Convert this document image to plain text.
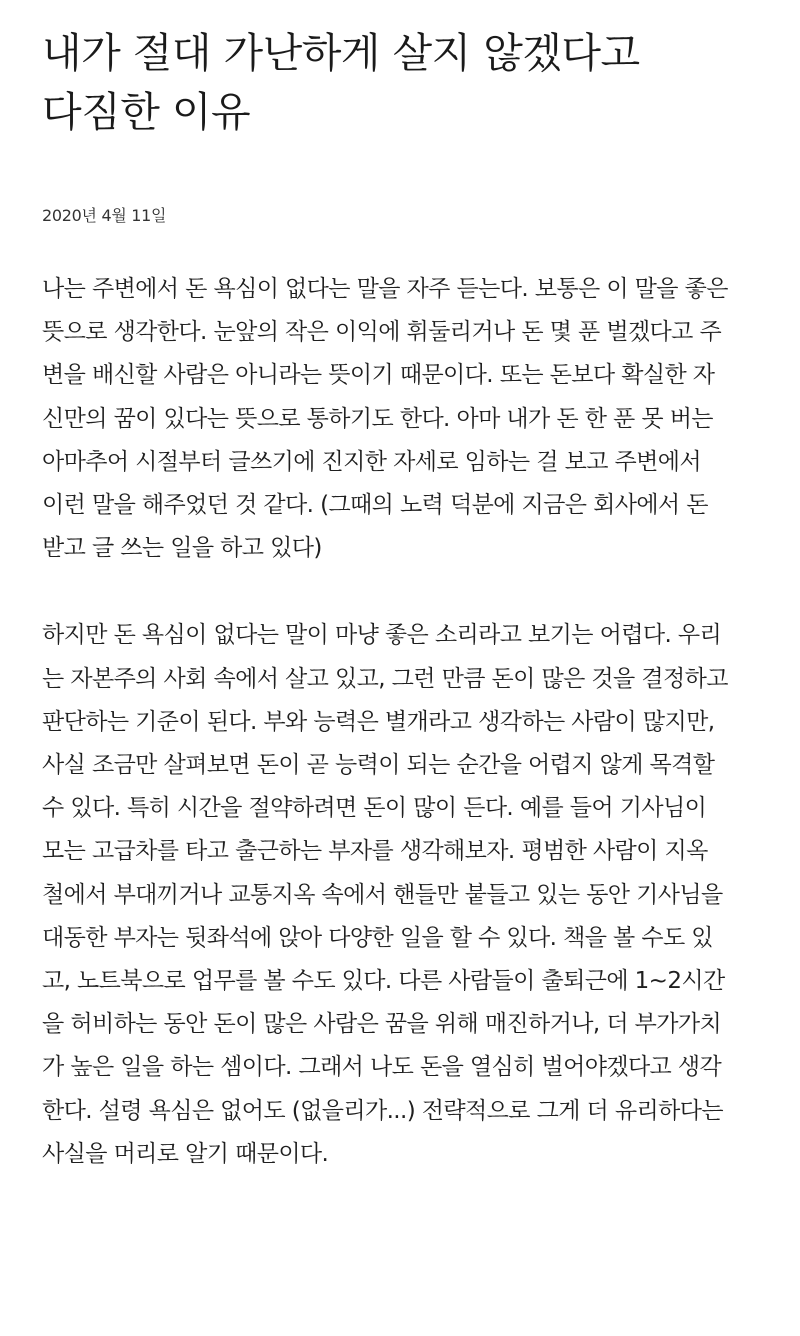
내가 절대 가난하게 살지 않겠다고 다짐한 이유
2020년 4월 11일

나는 주변에서 돈 욕심이 없다는 말을 자주 듣는다. 보통은 이 말을 좋은
뜻으로 생각한다. 눈앞의 작은 이익에 휘둘리거나 돈 몇 푼 벌겠다고 주
변을 배신할 사람은 아니라는 뜻이기 때문이다. 또는 돈보다 확실한 자
신만의 꿈이 있다는 뜻으로 통하기도 한다. 아마 내가 돈 한 푼 못 버는
아마추어 시절부터 글쓰기에 진지한 자세로 임하는 걸 보고 주변에서
이런 말을 해주었던 것 같다. (그때의 노력 덕분에 지금은 회사에서 돈
받고 글 쓰는 일을 하고 있다)

하지만 돈 욕심이 없다는 말이 마냥 좋은 소리라고 보기는 어렵다. 우리
는 자본주의 사회 속에서 살고 있고, 그런 만큼 돈이 많은 것을 결정하고
판단하는 기준이 된다. 부와 능력은 별개라고 생각하는 사람이 많지만,
사실 조금만 살펴보면 돈이 곧 능력이 되는 순간을 어렵지 않게 목격할
수 있다. 특히 시간을 절약하려면 돈이 많이 든다. 예를 들어 기사님이
모는 고급차를 타고 출근하는 부자를 생각해보자. 평범한 사람이 지옥
철에서 부대끼거나 교통지옥 속에서 핸들만 붙들고 있는 동안 기사님을
대동한 부자는 뒷좌석에 앉아 다양한 일을 할 수 있다. 책을 볼 수도 있
고, 노트북으로 업무를 볼 수도 있다. 다른 사람들이 출퇴근에 1~2시간
을 허비하는 동안 돈이 많은 사람은 꿈을 위해 매진하거나, 더 부가가치
가 높은 일을 하는 셈이다. 그래서 나도 돈을 열심히 벌어야겠다고 생각
한다. 설령 욕심은 없어도 (없을리가...) 전략적으로 그게 더 유리하다는
사실을 머리로 알기 때문이다.
